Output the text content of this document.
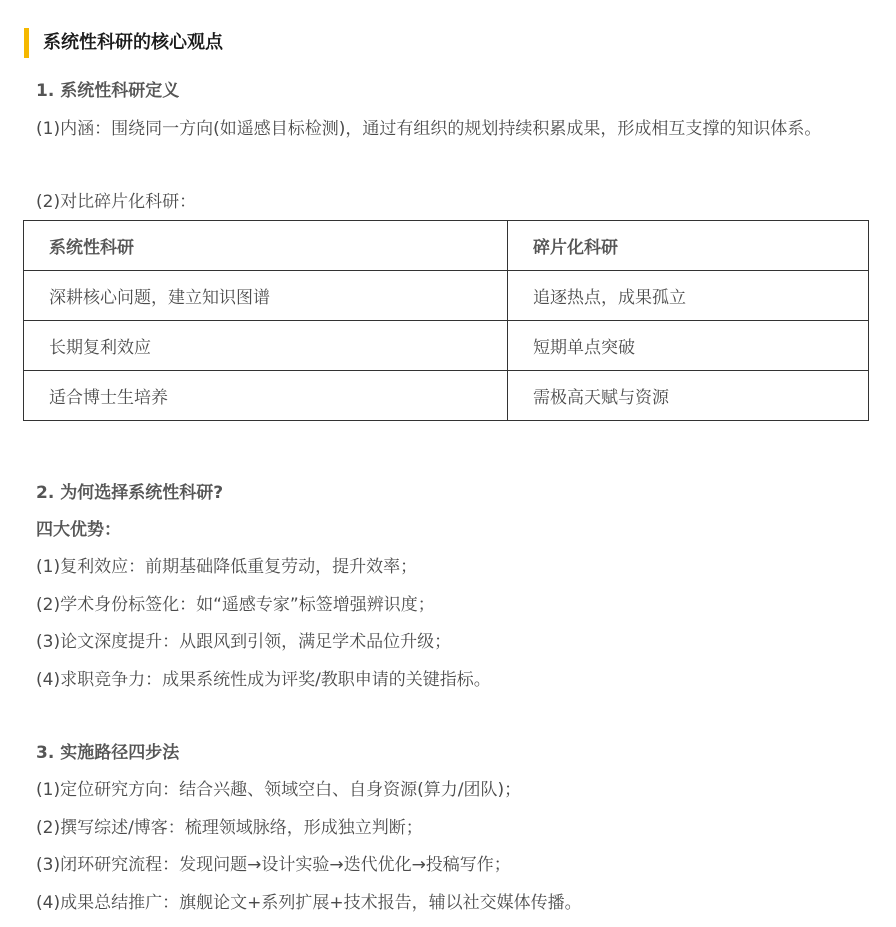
系统性科研的核心观点
1. 系统性科研定义
(1)内涵：围绕同一方向(如遥感目标检测)，通过有组织的规划持续积累成果，形成相互支撑的知识体系。
(2)对比碎片化科研：
系统性科研	碎片化科研
深耕核心问题，建立知识图谱	追逐热点，成果孤立
长期复利效应	短期单点突破
适合博士生培养	需极高天赋与资源
2. 为何选择系统性科研?
四大优势：
(1)复利效应：前期基础降低重复劳动，提升效率；
(2)学术身份标签化：如“遥感专家”标签增强辨识度；
(3)论文深度提升：从跟风到引领，满足学术品位升级；
(4)求职竞争力：成果系统性成为评奖/教职申请的关键指标。
3. 实施路径四步法
(1)定位研究方向：结合兴趣、领域空白、自身资源(算力/团队)；
(2)撰写综述/博客：梳理领域脉络，形成独立判断；
(3)闭环研究流程：发现问题→设计实验→迭代优化→投稿写作；
(4)成果总结推广：旗舰论文+系列扩展+技术报告，辅以社交媒体传播。
